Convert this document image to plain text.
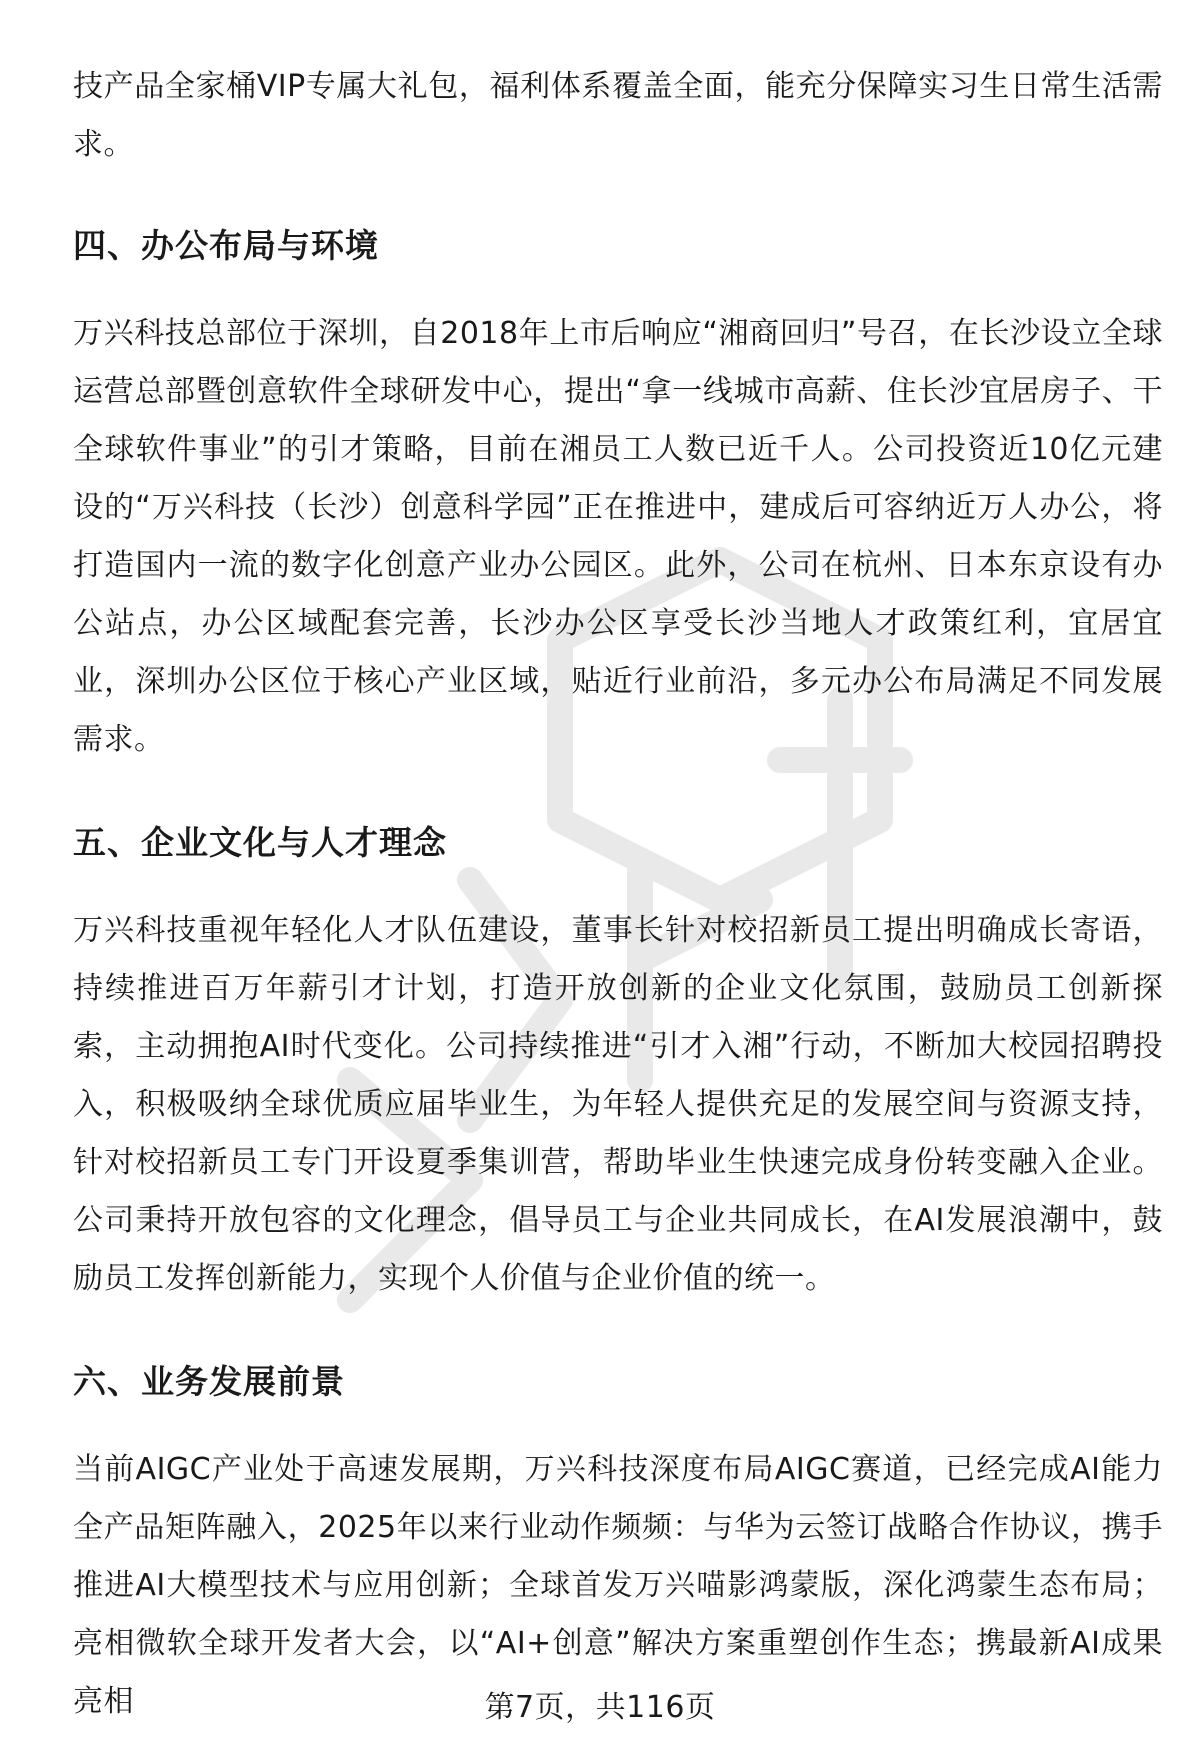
技产品全家桶VIP专属大礼包，福利体系覆盖全面，能充分保障实习生日常生活需求。

四、办公布局与环境

万兴科技总部位于深圳，自2018年上市后响应“湘商回归”号召，在长沙设立全球运营总部暨创意软件全球研发中心，提出“拿一线城市高薪、住长沙宜居房子、干全球软件事业”的引才策略，目前在湘员工人数已近千人。公司投资近10亿元建设的“万兴科技（长沙）创意科学园”正在推进中，建成后可容纳近万人办公，将打造国内一流的数字化创意产业办公园区。此外，公司在杭州、日本东京设有办公站点，办公区域配套完善，长沙办公区享受长沙当地人才政策红利，宜居宜业，深圳办公区位于核心产业区域，贴近行业前沿，多元办公布局满足不同发展需求。

五、企业文化与人才理念

万兴科技重视年轻化人才队伍建设，董事长针对校招新员工提出明确成长寄语，持续推进百万年薪引才计划，打造开放创新的企业文化氛围，鼓励员工创新探索，主动拥抱AI时代变化。公司持续推进“引才入湘”行动，不断加大校园招聘投入，积极吸纳全球优质应届毕业生，为年轻人提供充足的发展空间与资源支持，针对校招新员工专门开设夏季集训营，帮助毕业生快速完成身份转变融入企业。公司秉持开放包容的文化理念，倡导员工与企业共同成长，在AI发展浪潮中，鼓励员工发挥创新能力，实现个人价值与企业价值的统一。

六、业务发展前景

当前AIGC产业处于高速发展期，万兴科技深度布局AIGC赛道，已经完成AI能力全产品矩阵融入，2025年以来行业动作频频：与华为云签订战略合作协议，携手推进AI大模型技术与应用创新；全球首发万兴喵影鸿蒙版，深化鸿蒙生态布局；亮相微软全球开发者大会，以“AI+创意”解决方案重塑创作生态；携最新AI成果亮相	第7页，共116页
